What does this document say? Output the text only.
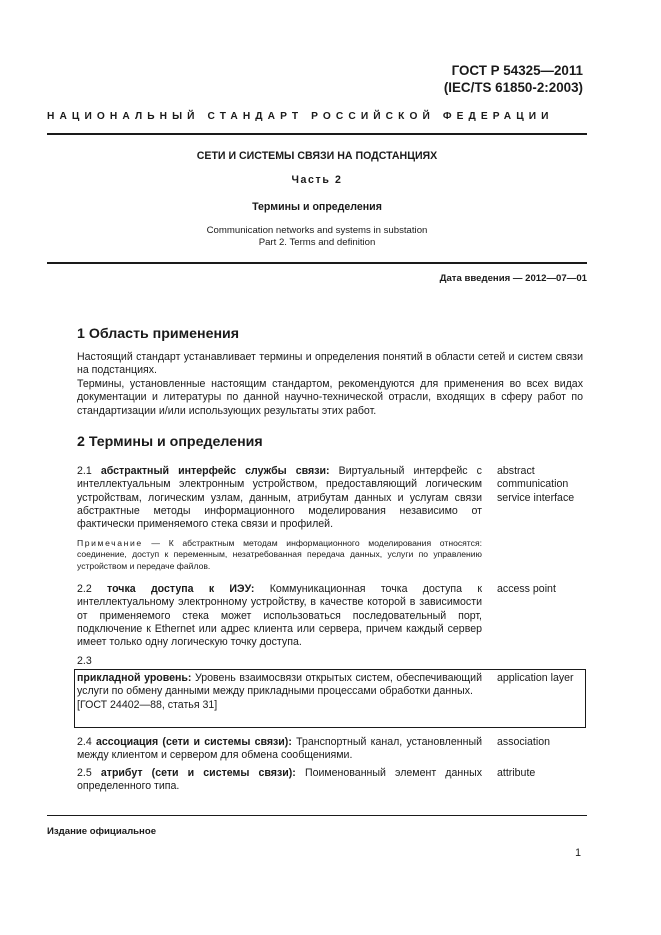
ГОСТ Р 54325—2011
(IEC/TS 61850-2:2003)
НАЦИОНАЛЬНЫЙ СТАНДАРТ РОССИЙСКОЙ ФЕДЕРАЦИИ
СЕТИ И СИСТЕМЫ СВЯЗИ НА ПОДСТАНЦИЯХ
Часть 2
Термины и определения
Communication networks and systems in substation
Part 2. Terms and definition
Дата введения — 2012—07—01
1 Область применения
Настоящий стандарт устанавливает термины и определения понятий в области сетей и систем связи на подстанциях.
Термины, установленные настоящим стандартом, рекомендуются для применения во всех видах документации и литературы по данной научно-технической отрасли, входящих в сферу работ по стандартизации и/или использующих результаты этих работ.
2 Термины и определения
2.1 абстрактный интерфейс службы связи: Виртуальный интерфейс с интеллектуальным электронным устройством, предоставляющий логическим устройствам, логическим узлам, данным, атрибутам данных и услугам связи абстрактные методы информационного моделирования независимо от фактически применяемого стека связи и профилей.
abstract communication service interface
Примечание — К абстрактным методам информационного моделирования относятся: соединение, доступ к переменным, незатребованная передача данных, услуги по управлению устройством и передаче файлов.
2.2 точка доступа к ИЭУ: Коммуникационная точка доступа к интеллектуальному электронному устройству, в качестве которой в зависимости от применяемого стека может использоваться последовательный порт, подключение к Ethernet или адрес клиента или сервера, причем каждый сервер имеет только одну логическую точку доступа.
access point
2.3
прикладной уровень: Уровень взаимосвязи открытых систем, обеспечивающий услуги по обмену данными между прикладными процессами обработки данных.
[ГОСТ 24402—88, статья 31]
application layer
2.4 ассоциация (сети и системы связи): Транспортный канал, установленный между клиентом и сервером для обмена сообщениями.
association
2.5 атрибут (сети и системы связи): Поименованный элемент данных определенного типа.
attribute
Издание официальное
1
